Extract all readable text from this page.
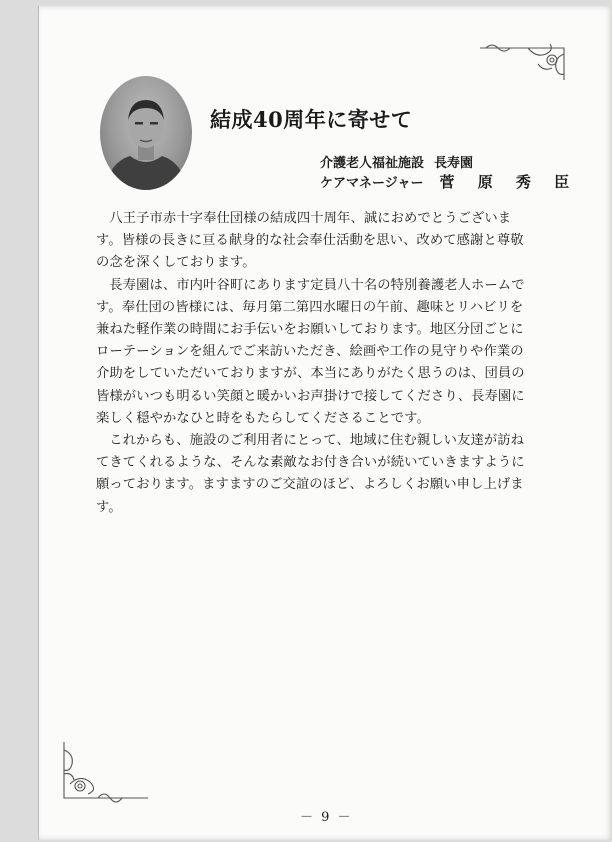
結成40周年に寄せて
介護老人福祉施設 長寿園
ケアマネージャー 菅 原 秀 臣

八王子市赤十字奉仕団様の結成四十周年、誠におめでとうございます。皆様の長きに亘る献身的な社会奉仕活動を思い、改めて感謝と尊敬の念を深くしております。

長寿園は、市内叶谷町にあります定員八十名の特別養護老人ホームです。奉仕団の皆様には、毎月第二第四水曜日の午前、趣味とリハビリを兼ねた軽作業の時間にお手伝いをお願いしております。地区分団ごとにローテーションを組んでご来訪いただき、絵画や工作の見守りや作業の介助をしていただいておりますが、本当にありがたく思うのは、団員の皆様がいつも明るい笑顔と暖かいお声掛けで接してくださり、長寿園に楽しく穏やかなひと時をもたらしてくださることです。

これからも、施設のご利用者にとって、地域に住む親しい友達が訪ねてきてくれるような、そんな素敵なお付き合いが続いていきますように願っております。ますますのご交誼のほど、よろしくお願い申し上げます。

－ 9 －
